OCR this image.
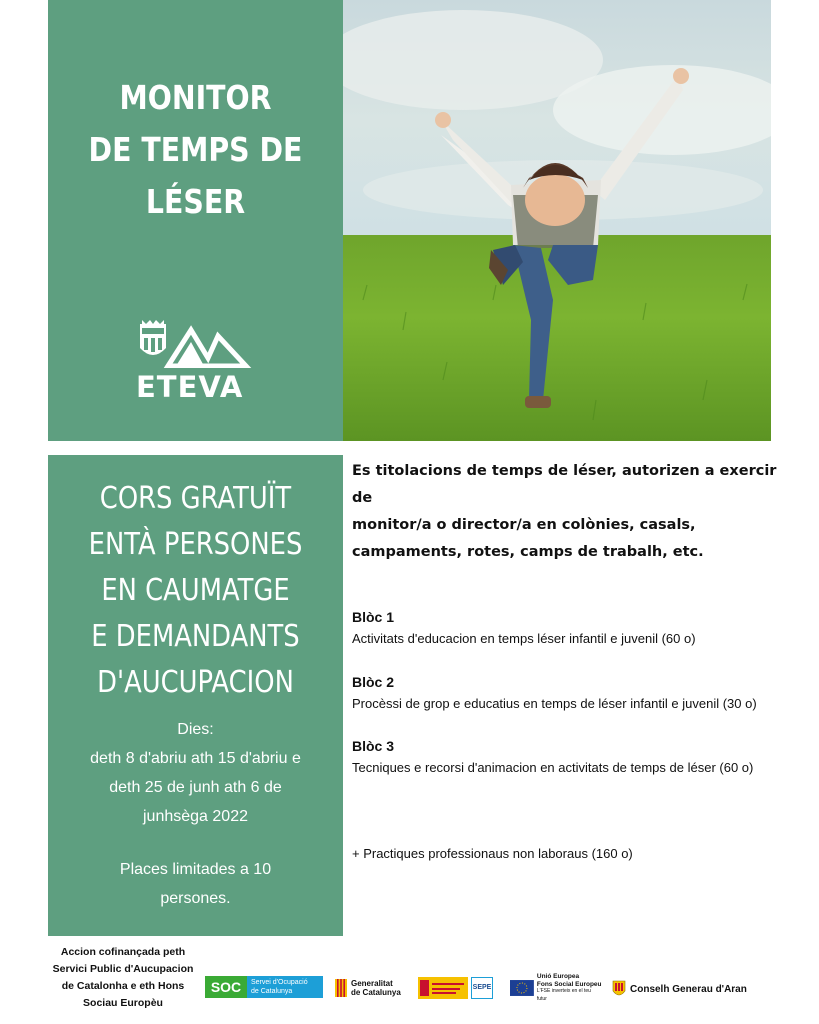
MONITOR
DE TEMPS DE
LÉSER
ETEVA
CORS GRATUÏT
ENTÀ PERSONES
EN CAUMATGE
E DEMANDANTS
D'AUCUPACION
Dies:
deth 8 d'abriu ath 15 d'abriu e
deth 25 de junh ath 6 de
junhsèga 2022
Places limitades a 10
persones.
Es titolacions de temps de léser, autorizen a exercir de
monitor/a o director/a en colònies, casals,
campaments, rotes, camps de trabalh, etc.
Blòc 1
Activitats d'educacion en temps léser infantil e juvenil (60 o)
Blòc 2
Procèssi de grop e educatius en temps de léser infantil e juvenil (30 o)
Blòc 3
Tecniques e recorsi d'animacion en activitats de temps de léser (60 o)
+ Practiques professionaus non laboraus (160 o)
Accion cofinançada peth
Servici Public d'Aucupacion
de Catalonha e eth Hons
Sociau Europèu
SOC	Servei d'Ocupació
de Catalunya
Generalitat
de Catalunya
SEPE
Unió Europea
Fons Social Europeu
L'FSE inverteix en el teu futur
Conselh Generau d'Aran
